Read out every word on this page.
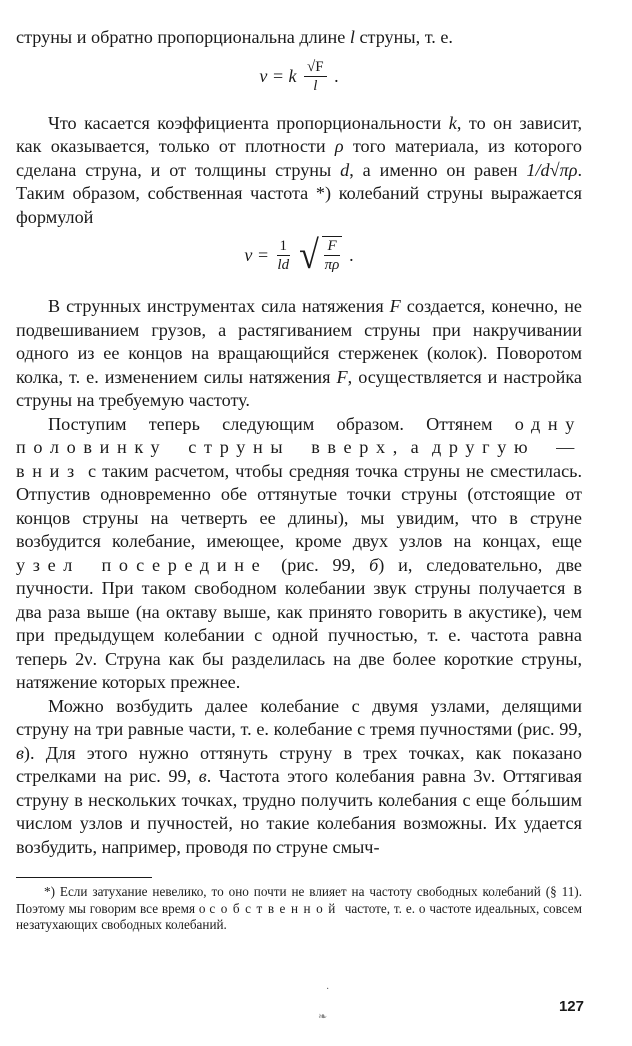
струны и обратно пропорциональна длине l струны, т. е.

ν = k $\frac{√F}{l}$ .

Что касается коэффициента пропорциональности k, то он зависит, как оказывается, только от плотности ρ того материала, из которого сделана струна, и от толщины струны d, а именно он равен 1/d√πρ. Таким образом, собственная частота *) колебаний струны выражается формулой

$\nu = \frac{1}{ld}$ √ $\frac{F}{\pi\rho}$ .

В струнных инструментах сила натяжения F создается, конечно, не подвешиванием грузов, а растягиванием струны при накручивании одного из ее концов на вращающийся стерженек (колок). Поворотом колка, т. е. изменением силы натяжения F, осуществляется и настройка струны на требуемую частоту.

Поступим теперь следующим образом. Оттянем одну половинку струны вверх, а другую — вниз с таким расчетом, чтобы средняя точка струны не сместилась. Отпустив одновременно обе оттянутые точки струны (отстоящие от концов струны на четверть ее длины), мы увидим, что в струне возбудится колебание, имеющее, кроме двух узлов на концах, еще узел посередине (рис. 99, б) и, следовательно, две пучности. При таком свободном колебании звук струны получается в два раза выше (на октаву выше, как принято говорить в акустике), чем при предыдущем колебании с одной пучностью, т. е. частота равна теперь 2ν. Струна как бы разделилась на две более короткие струны, натяжение которых прежнее.

Можно возбудить далее колебание с двумя узлами, делящими струну на три равные части, т. е. колебание с тремя пучностями (рис. 99, в). Для этого нужно оттянуть струну в трех точках, как показано стрелками на рис. 99, в. Частота этого колебания равна 3ν. Оттягивая струну в нескольких точках, трудно получить колебания с еще бо́льшим числом узлов и пучностей, но такие колебания возможны. Их удается возбудить, например, проводя по струне смыч-

*) Если затухание невелико, то оно почти не влияет на частоту свободных колебаний (§ 11). Поэтому мы говорим все время о собственной частоте, т. е. о частоте идеальных, совсем незатухающих свободных колебаний.

·
❧
127
